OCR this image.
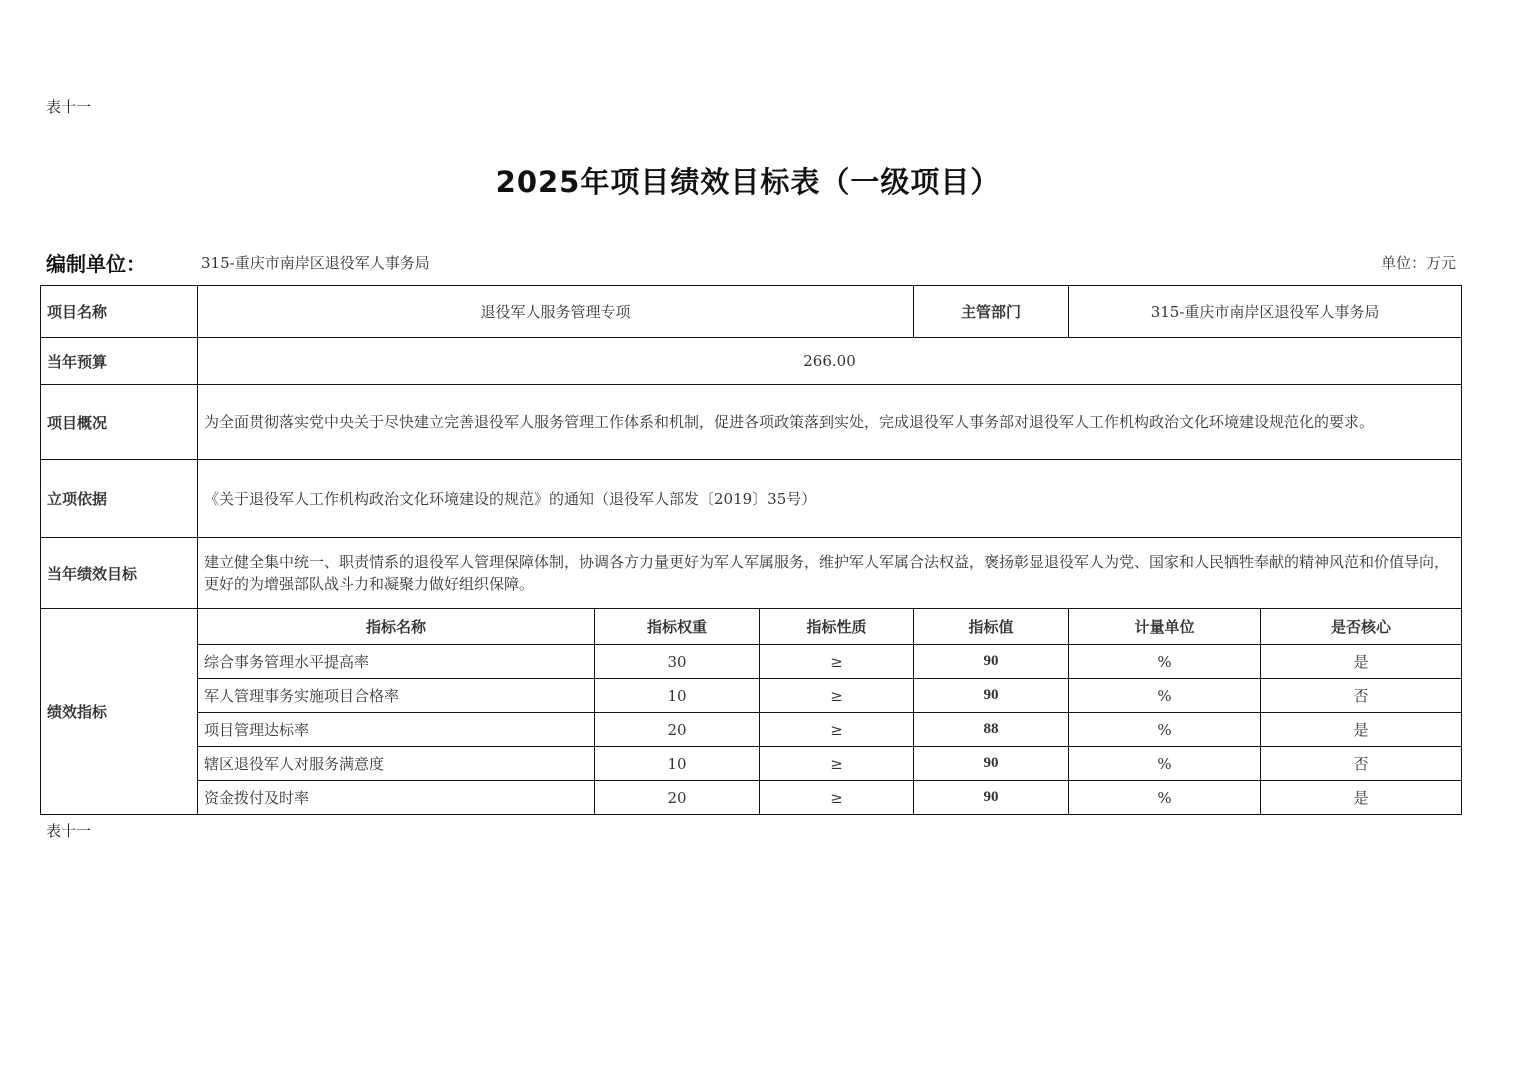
表十一
2025年项目绩效目标表（一级项目）
编制单位：	315-重庆市南岸区退役军人事务局	单位：万元
项目名称	退役军人服务管理专项			主管部门	315-重庆市南岸区退役军人事务局	
当年预算	266.00					
项目概况	为全面贯彻落实党中央关于尽快建立完善退役军人服务管理工作体系和机制，促进各项政策落到实处，完成退役军人事务部对退役军人工作机构政治文化环境建设规范化的要求。					
立项依据	《关于退役军人工作机构政治文化环境建设的规范》的通知（退役军人部发〔2019〕35号）					
当年绩效目标	建立健全集中统一、职责情系的退役军人管理保障体制，协调各方力量更好为军人军属服务，维护军人军属合法权益，褒扬彰显退役军人为党、国家和人民牺牲奉献的精神风范和价值导向，更好的为增强部队战斗力和凝聚力做好组织保障。					
绩效指标	指标名称	指标权重	指标性质	指标值	计量单位	是否核心
	综合事务管理水平提高率	30	≥	90	%	是
	军人管理事务实施项目合格率	10	≥	90	%	否
	项目管理达标率	20	≥	88	%	是
	辖区退役军人对服务满意度	10	≥	90	%	否
	资金拨付及时率	20	≥	90	%	是
表十一
